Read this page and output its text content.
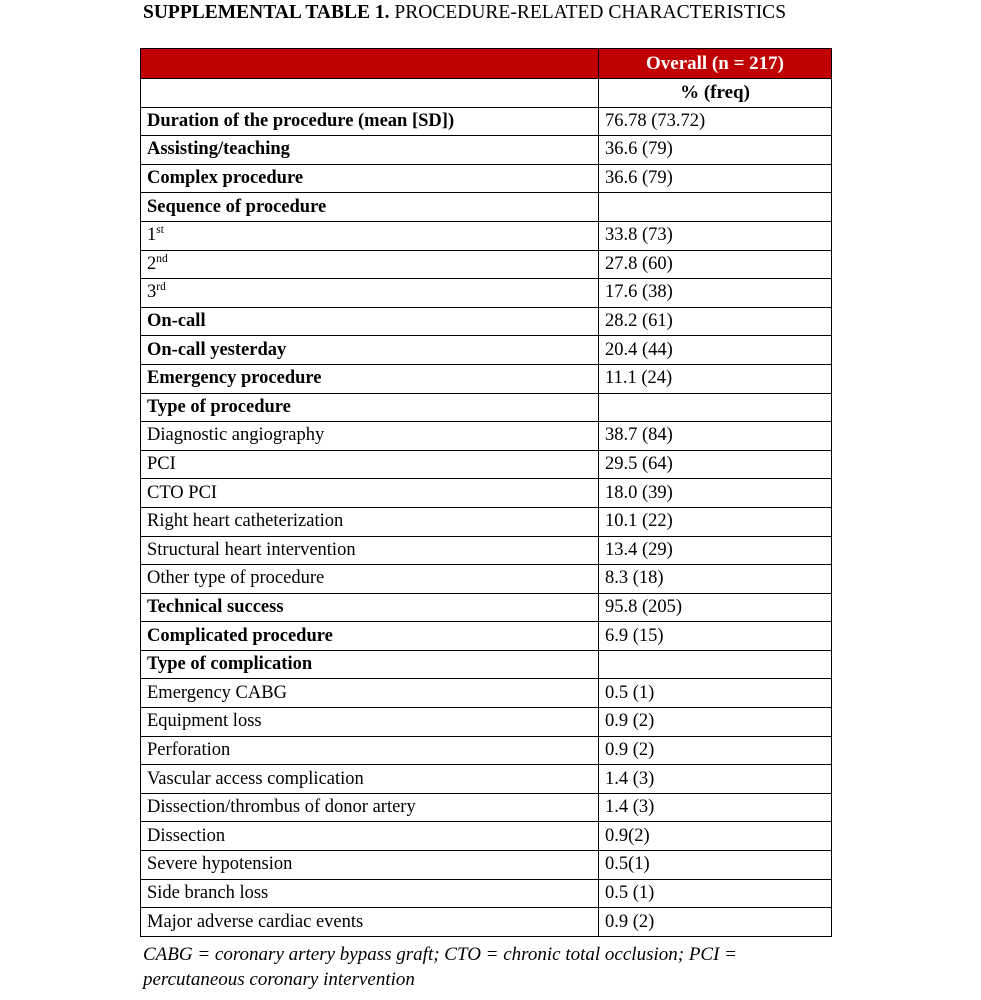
SUPPLEMENTAL TABLE 1. PROCEDURE-RELATED CHARACTERISTICS
	Overall (n = 217)
	% (freq)
Duration of the procedure (mean [SD])	76.78 (73.72)
Assisting/teaching	36.6 (79)
Complex procedure	36.6 (79)
Sequence of procedure	
1st	33.8 (73)
2nd	27.8 (60)
3rd	17.6 (38)
On-call	28.2 (61)
On-call yesterday	20.4 (44)
Emergency procedure	11.1 (24)
Type of procedure	
Diagnostic angiography	38.7 (84)
PCI	29.5 (64)
CTO PCI	18.0 (39)
Right heart catheterization	10.1 (22)
Structural heart intervention	13.4 (29)
Other type of procedure	8.3 (18)
Technical success	95.8 (205)
Complicated procedure	6.9 (15)
Type of complication	
Emergency CABG	0.5 (1)
Equipment loss	0.9 (2)
Perforation	0.9 (2)
Vascular access complication	1.4 (3)
Dissection/thrombus of donor artery	1.4 (3)
Dissection	0.9(2)
Severe hypotension	0.5(1)
Side branch loss	0.5 (1)
Major adverse cardiac events	0.9 (2)
CABG = coronary artery bypass graft; CTO = chronic total occlusion; PCI = percutaneous coronary intervention
